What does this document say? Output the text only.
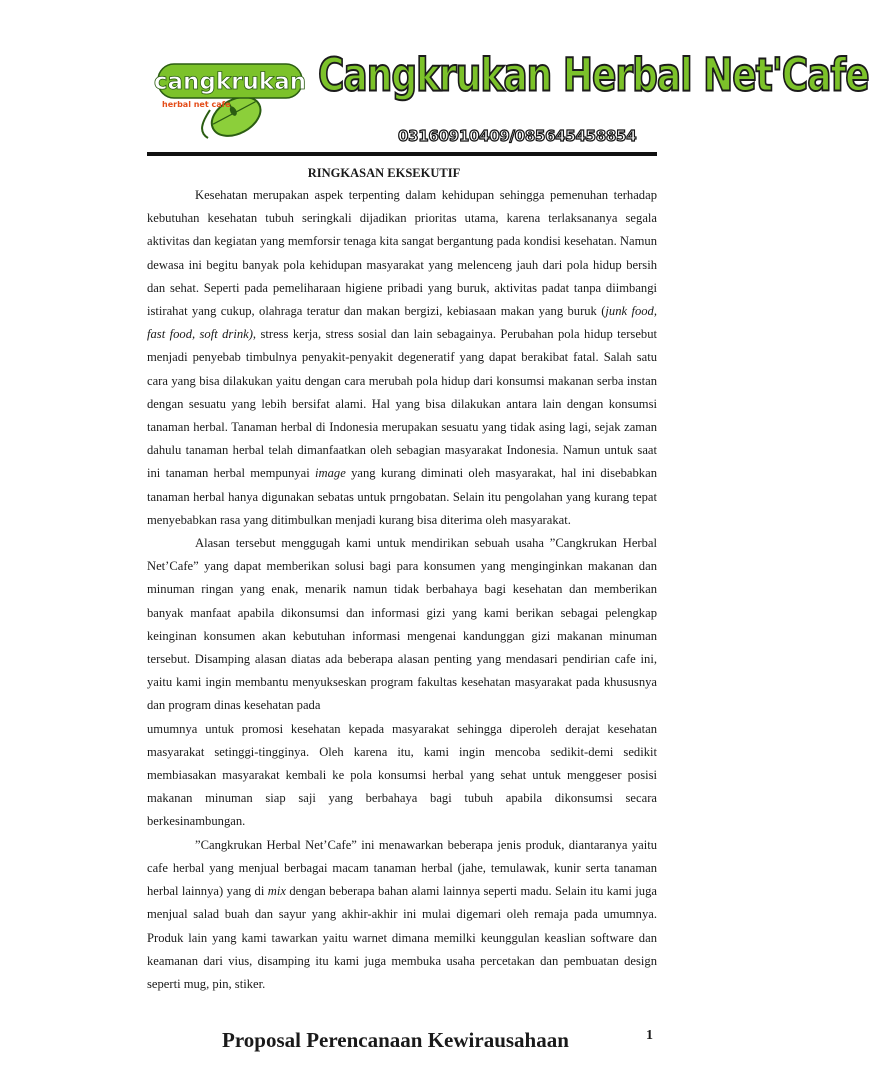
cangkrukan
herbal net cafe
Cangkrukan Herbal Net'Cafe
03160910409/085645458854
RINGKASAN EKSEKUTIF

Kesehatan merupakan aspek terpenting dalam kehidupan sehingga pemenuhan terhadap kebutuhan kesehatan tubuh seringkali dijadikan prioritas utama, karena terlaksananya segala aktivitas dan kegiatan yang memforsir tenaga kita sangat bergantung pada kondisi kesehatan. Namun dewasa ini begitu banyak pola kehidupan masyarakat yang melenceng jauh dari pola hidup bersih dan sehat. Seperti pada pemeliharaan higiene pribadi yang buruk, aktivitas padat tanpa diimbangi istirahat yang cukup, olahraga teratur dan makan bergizi, kebiasaan makan yang buruk (junk food, fast food, soft drink), stress kerja, stress sosial dan lain sebagainya. Perubahan pola hidup tersebut menjadi penyebab timbulnya penyakit-penyakit degeneratif yang dapat berakibat fatal. Salah satu cara yang bisa dilakukan yaitu dengan cara merubah pola hidup dari konsumsi makanan serba instan dengan sesuatu yang lebih bersifat alami. Hal yang bisa dilakukan antara lain dengan konsumsi tanaman herbal. Tanaman herbal di Indonesia merupakan sesuatu yang tidak asing lagi, sejak zaman dahulu tanaman herbal telah dimanfaatkan oleh sebagian masyarakat Indonesia. Namun untuk saat ini tanaman herbal mempunyai image yang kurang diminati oleh masyarakat, hal ini disebabkan tanaman herbal hanya digunakan sebatas untuk prngobatan. Selain itu pengolahan yang kurang tepat menyebabkan rasa yang ditimbulkan menjadi kurang bisa diterima oleh masyarakat.

Alasan tersebut menggugah kami untuk mendirikan sebuah usaha ”Cangkrukan Herbal Net’Cafe” yang dapat memberikan solusi bagi para konsumen yang menginginkan makanan dan minuman ringan yang enak, menarik namun tidak berbahaya bagi kesehatan dan memberikan banyak manfaat apabila dikonsumsi dan informasi gizi yang kami berikan sebagai pelengkap keinginan konsumen akan kebutuhan informasi mengenai kandunggan gizi makanan minuman tersebut. Disamping alasan diatas ada beberapa alasan penting yang mendasari pendirian cafe ini, yaitu kami ingin membantu menyukseskan program fakultas kesehatan masyarakat pada khususnya dan program dinas kesehatan pada

umumnya untuk promosi kesehatan kepada masyarakat sehingga diperoleh derajat kesehatan masyarakat setinggi-tingginya. Oleh karena itu, kami ingin mencoba sedikit-demi sedikit membiasakan masyarakat kembali ke pola konsumsi herbal yang sehat untuk menggeser posisi makanan minuman siap saji yang berbahaya bagi tubuh apabila dikonsumsi secara berkesinambungan.

”Cangkrukan Herbal Net’Cafe” ini menawarkan beberapa jenis produk, diantaranya yaitu cafe herbal yang menjual berbagai macam tanaman herbal (jahe, temulawak, kunir serta tanaman herbal lainnya) yang di mix dengan beberapa bahan alami lainnya seperti madu. Selain itu kami juga menjual salad buah dan sayur yang akhir-akhir ini mulai digemari oleh remaja pada umumnya. Produk lain yang kami tawarkan yaitu warnet dimana memilki keunggulan keaslian software dan keamanan dari vius, disamping itu kami juga membuka usaha percetakan dan pembuatan design seperti mug, pin, stiker.

Proposal Perencanaan Kewirausahaan	1
